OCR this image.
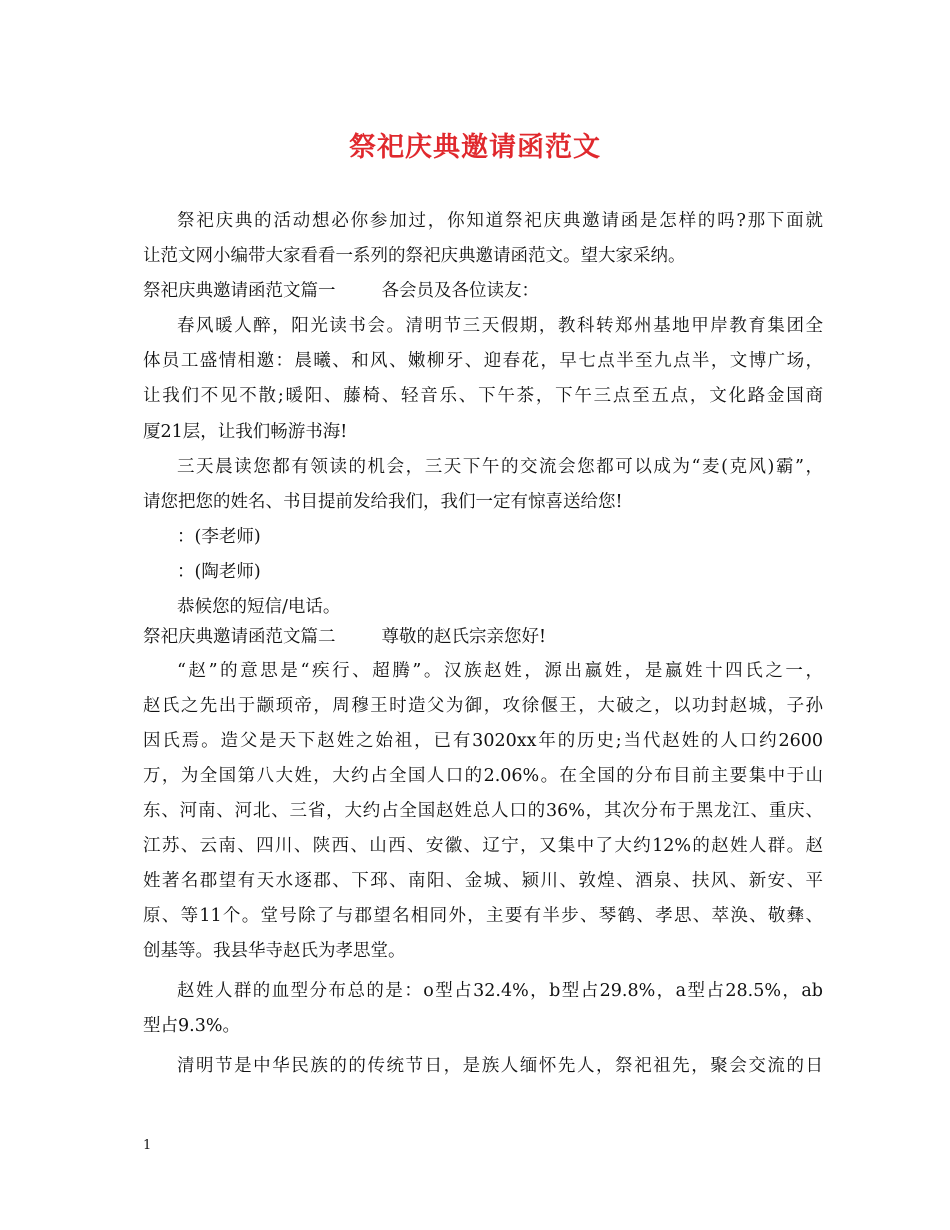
祭祀庆典邀请函范文
祭祀庆典的活动想必你参加过，你知道祭祀庆典邀请函是怎样的吗?那下面就
让范文网小编带大家看看一系列的祭祀庆典邀请函范文。望大家采纳。
祭祀庆典邀请函范文篇一	各会员及各位读友：
春风暖人醉，阳光读书会。清明节三天假期，教科转郑州基地甲岸教育集团全
体员工盛情相邀：晨曦、和风、嫩柳牙、迎春花，早七点半至九点半，文博广场，
让我们不见不散;暖阳、藤椅、轻音乐、下午茶，下午三点至五点，文化路金国商
厦21层，让我们畅游书海!
三天晨读您都有领读的机会，三天下午的交流会您都可以成为“麦(克风)霸”，
请您把您的姓名、书目提前发给我们，我们一定有惊喜送给您!
：(李老师)
：(陶老师)
恭候您的短信/电话。
祭祀庆典邀请函范文篇二	尊敬的赵氏宗亲您好!
“赵”的意思是“疾行、超腾”。汉族赵姓，源出嬴姓，是嬴姓十四氏之一，
赵氏之先出于颛顼帝，周穆王时造父为御，攻徐偃王，大破之，以功封赵城，子孙
因氏焉。造父是天下赵姓之始祖，已有3020xx年的历史;当代赵姓的人口约2600
万，为全国第八大姓，大约占全国人口的2.06%。在全国的分布目前主要集中于山
东、河南、河北、三省，大约占全国赵姓总人口的36%，其次分布于黑龙江、重庆、
江苏、云南、四川、陕西、山西、安徽、辽宁，又集中了大约12%的赵姓人群。赵
姓著名郡望有天水逐郡、下邳、南阳、金城、颍川、敦煌、酒泉、扶风、新安、平
原、等11个。堂号除了与郡望名相同外，主要有半步、琴鹤、孝思、萃涣、敬彝、
创基等。我县华寺赵氏为孝思堂。
赵姓人群的血型分布总的是：o型占32.4%，b型占29.8%，a型占28.5%，ab
型占9.3%。
清明节是中华民族的的传统节日，是族人缅怀先人，祭祀祖先，聚会交流的日
1
